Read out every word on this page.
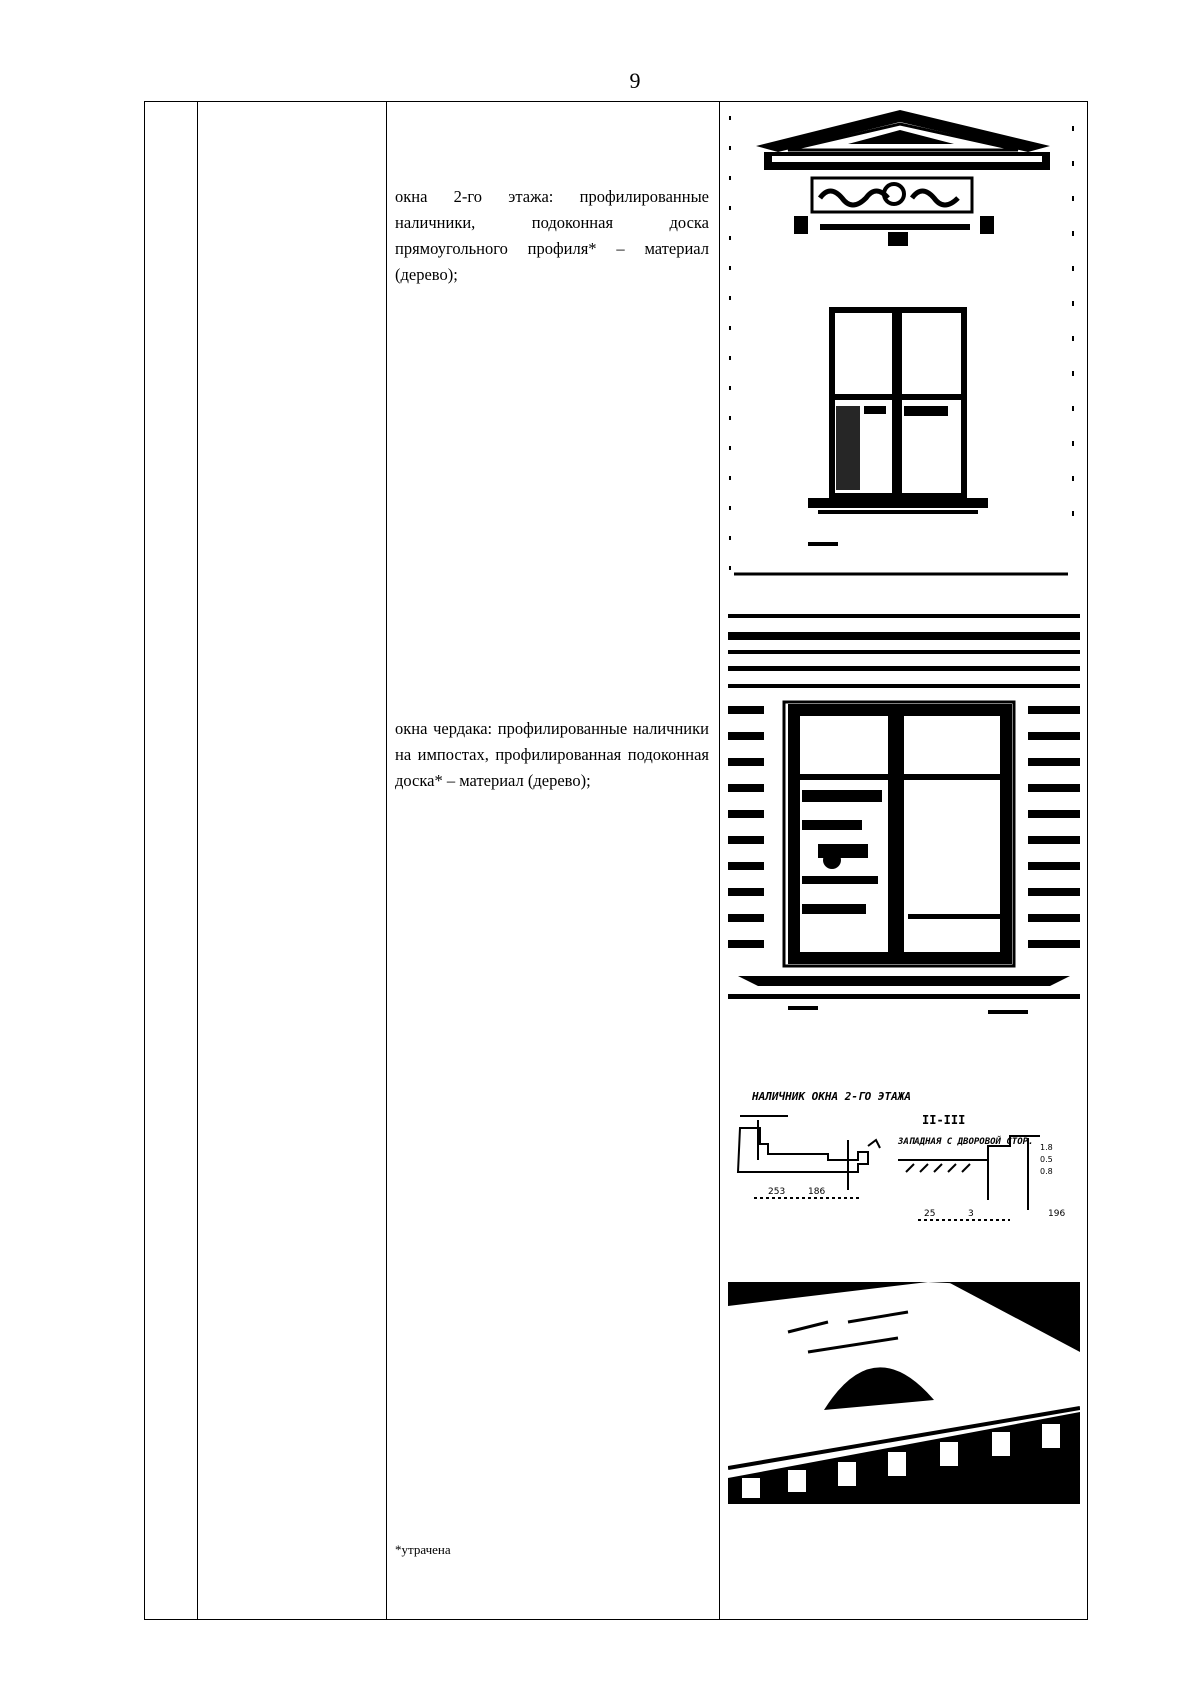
9
окна 2-го этажа: профилированные наличники, подоконная доска прямоугольного профиля* – материал (дерево);
окна чердака: профилированные наличники на импостах, профилированная подоконная доска* – материал (дерево);
*утрачена
НАЛИЧНИК ОКНА 2-ГО ЭТАЖА
II-III
ЗАПАДНАЯ С ДВОРОВОЙ СТОР.
253	186
1.8
0.5
0.8
25	3	196
